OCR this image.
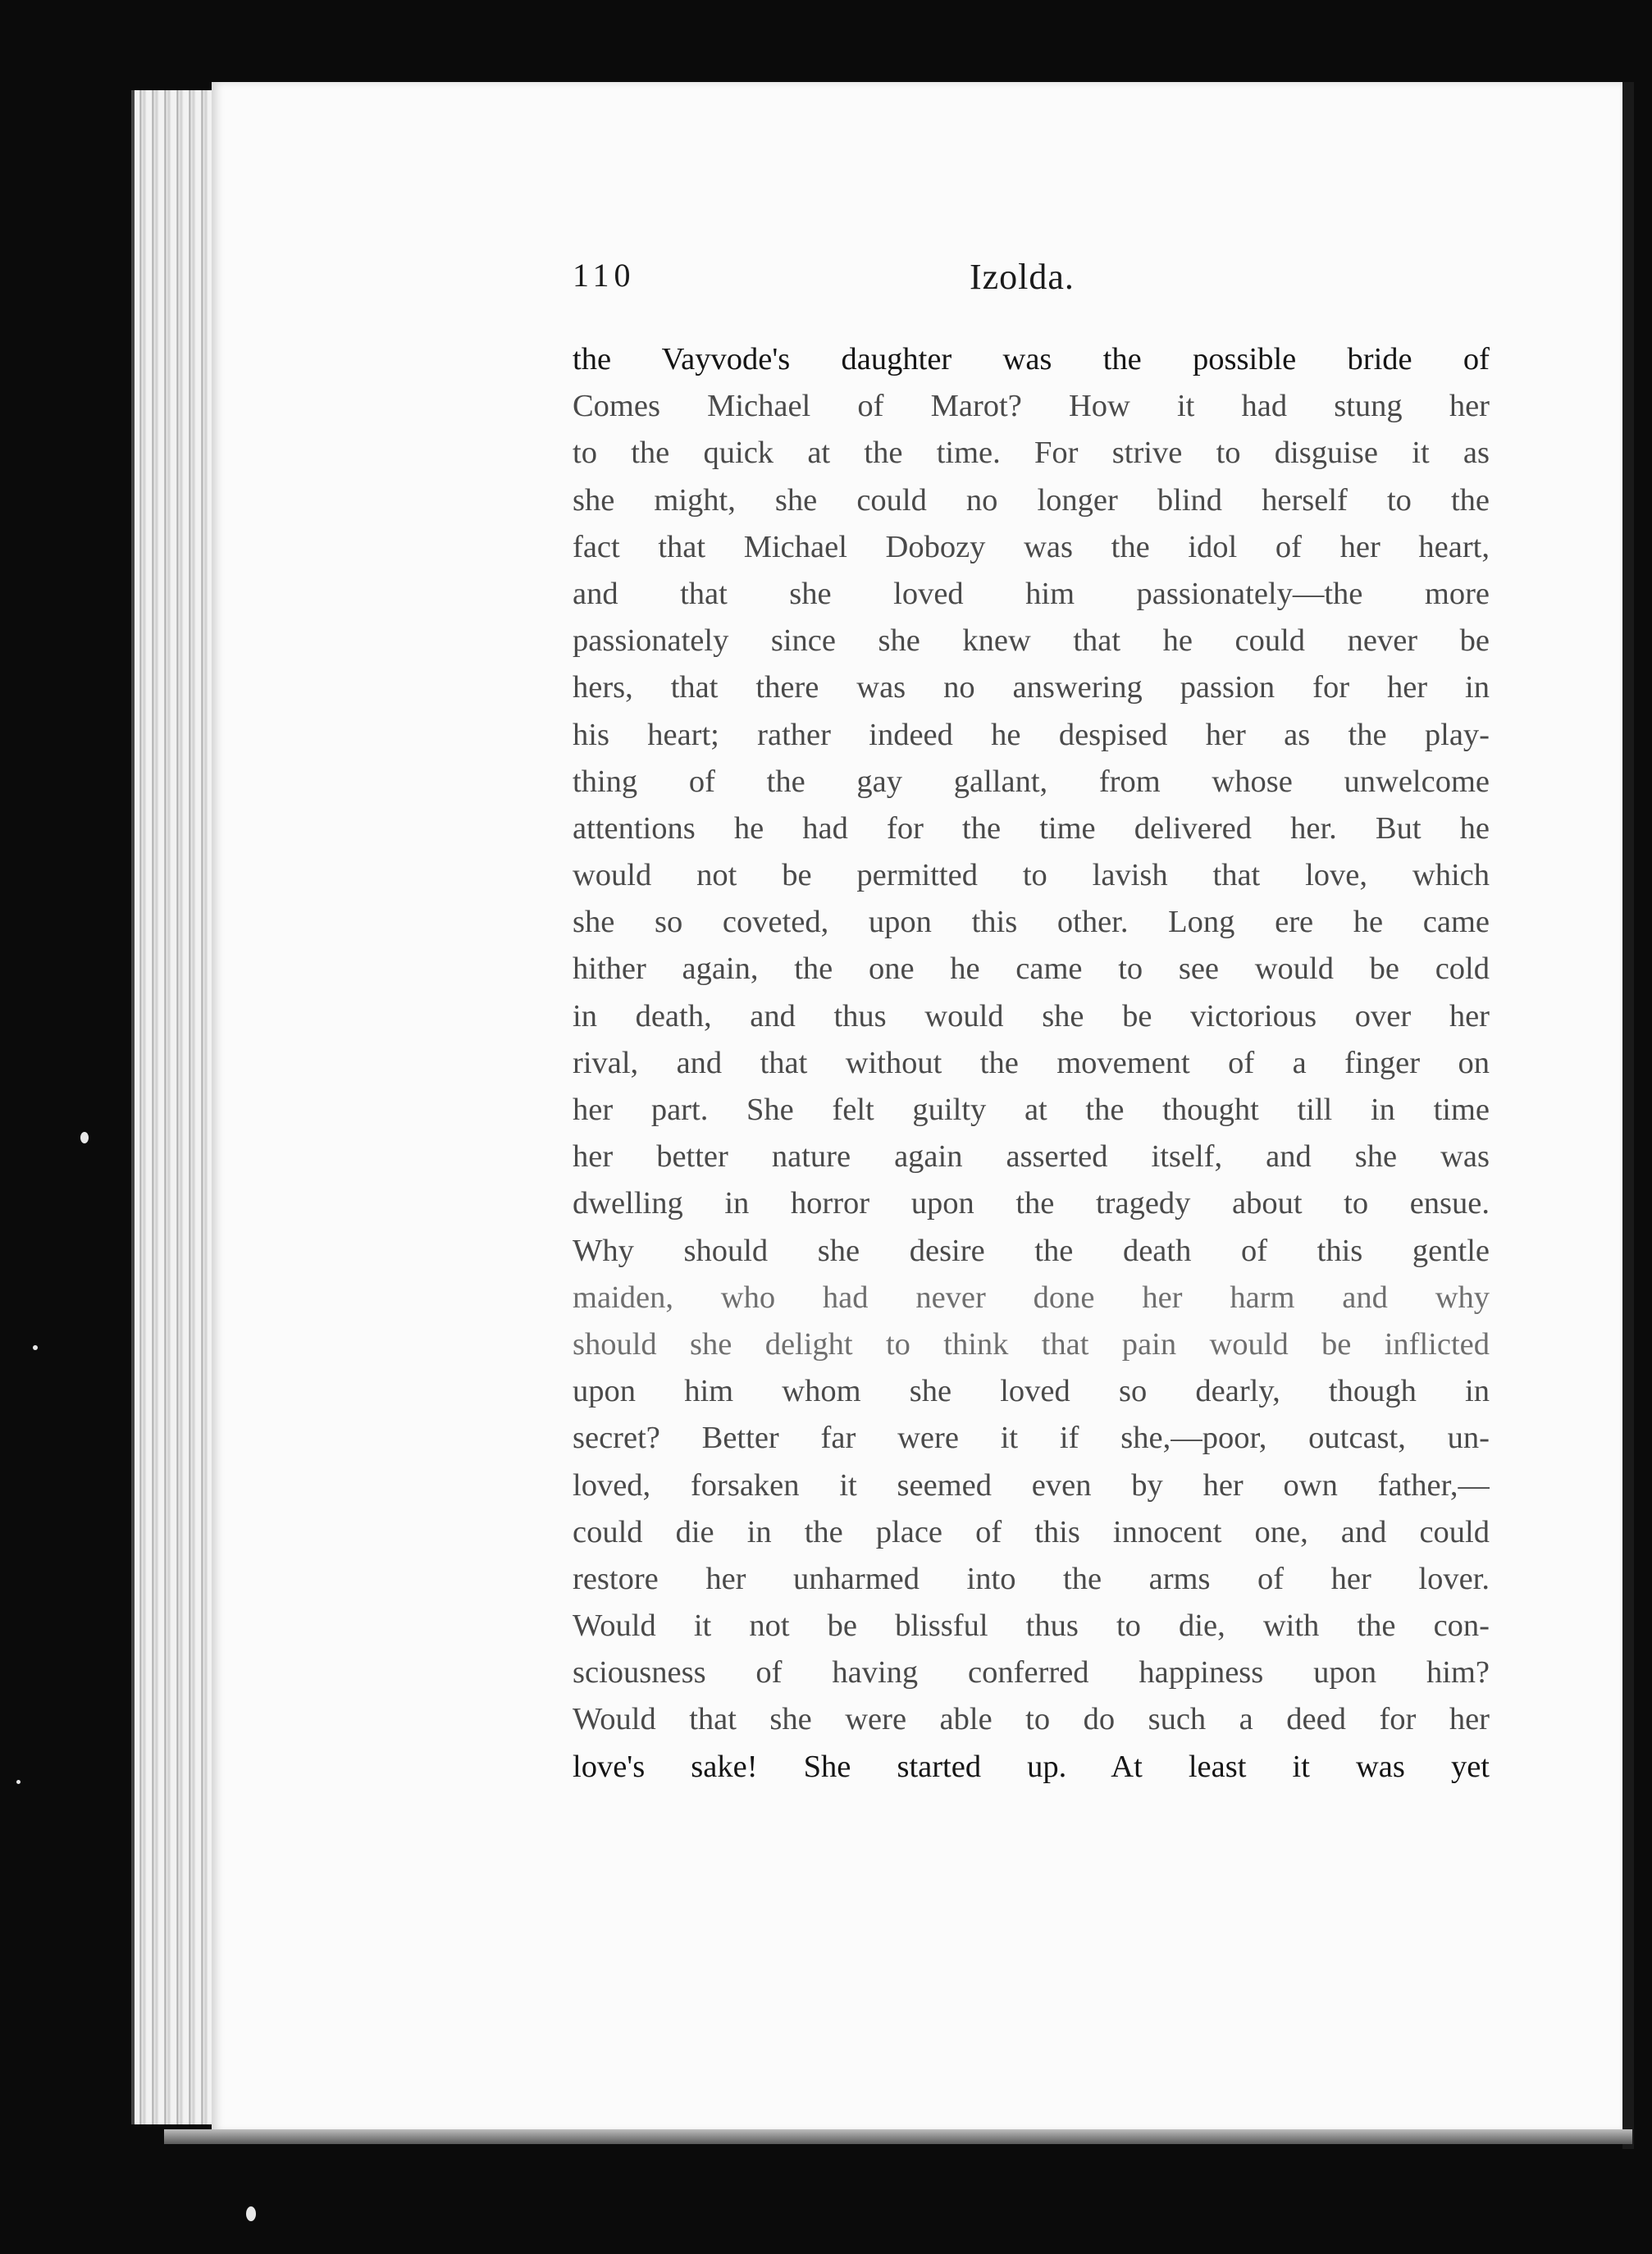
110	Izolda.
the Vayvode's daughter was the possible bride of
Comes Michael of Marot? How it had stung her
to the quick at the time. For strive to disguise it as
she might, she could no longer blind herself to the
fact that Michael Dobozy was the idol of her heart,
and that she loved him passionately—the more
passionately since she knew that he could never be
hers, that there was no answering passion for her in
his heart; rather indeed he despised her as the play-
thing of the gay gallant, from whose unwelcome
attentions he had for the time delivered her. But he
would not be permitted to lavish that love, which
she so coveted, upon this other. Long ere he came
hither again, the one he came to see would be cold
in death, and thus would she be victorious over her
rival, and that without the movement of a finger on
her part. She felt guilty at the thought till in time
her better nature again asserted itself, and she was
dwelling in horror upon the tragedy about to ensue.
Why should she desire the death of this gentle
maiden, who had never done her harm and why
should she delight to think that pain would be inflicted
upon him whom she loved so dearly, though in
secret? Better far were it if she,—poor, outcast, un-
loved, forsaken it seemed even by her own father,—
could die in the place of this innocent one, and could
restore her unharmed into the arms of her lover.
Would it not be blissful thus to die, with the con-
sciousness of having conferred happiness upon him?
Would that she were able to do such a deed for her
love's sake! She started up. At least it was yet
